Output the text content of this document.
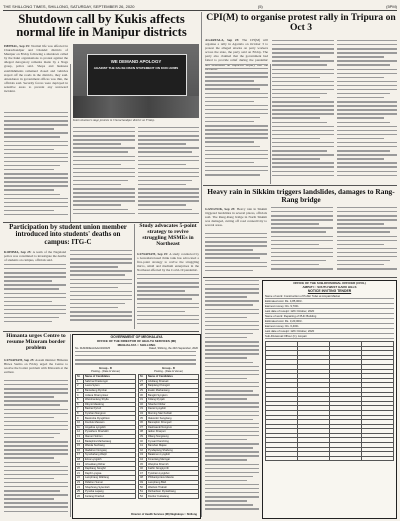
THE SHILLONG TIMES, SHILLONG, SATURDAY, SEPTEMBER 26, 2020	(5)	(5PM)
Shutdown call by Kukis affects normal life in Manipur districts
IMPHAL, Sep 25: Normal life was affected in Churachandpur and Chandel districts of Manipur on Friday following a shutdown called by the Kuki organisations to protest against the alleged derogatory remarks made by a Naga group, police said. Shops and business establishments remained closed and vehicles stayed off the roads in the districts, they said. Attendance in government offices was thin, the officials said. Security forces were deployed in sensitive areas to prevent any untoward incident.
WE DEMAND APOLOGY
AGAINST THE FALSE NSCN STATEMENT ON KUKI ARMS
Kuki volunteers stage protests in Churachandpur district on Friday.
CPI(M) to organise protest rally in Tripura on Oct 3
AGARTALA, Sep 25: The CPI(M) will organise a rally in Agartala on October 3 to protest the alleged attacks on party workers across the state, the party said on Friday. The party also claimed that the government had failed to provide relief during the pandemic
Participation by student union member introduced into students' deaths on campus: ITG-C
KOHIMA, Sep 25: A team of the Nagaland police was constituted to investigate the deaths of students on campus, officials said.
Study advocates 5-point strategy to revive struggling MSMEs in Northeast
GUWAHATI, Sep 25: A study conducted by a Guwahati-based think tank has advocated a five-point strategy to revive the struggling micro, small and medium enterprises in the Northeast affected by the Covid-19 pandemic.
Himanta urges Centre to resume Mizoram border problem
GUWAHATI, Sep 25: Assam minister Himanta Biswa Sarma on Friday urged the Centre to resolve the border problem with Mizoram at the earliest.
GOVERNMENT OF MEGHALAYA
OFFICE OF THE DIRECTOR OF HEALTH SERVICES (MI)
MEGHALAYA :: SHILLONG
No. DHS/MI/Estt/Advt/2020/25	Dated, Shillong, the 24th September, 2020
Group - D
Posting - (Date & Venue)
Sl.	Name of Candidates
1	Sabrina Kharkongor
2	Laura Syiem
3	Banteilang Rymbai
4	Juliana Kharsyntiew
5	Wanshanlang Shylla
6	Rikynti Mawlong
7	Bashai Pyrtuh
8	Kyrshan Nongrum
9	Bewinsha Ryngkhlem
10	Donbok Marwein
11	Angelina Lyngdoh
12	Pynskhem Kharlukhi
13	Ibameri Sohtun
14	Badaphira Marbaniang
15	Wanda Suchiang
16	Ibadahun Nongsiej
17	Synsharlang Warjri
18	Erica Lyngdoh
19	Iohsuklang Dkhar
20	Dapbiang Nongbri
21	Daphi Lyngwa
22	Lamphrang Wahlang
23	Ridahun Sumer
24	Shaphrang Syiemlieh
25	Pynshai Lapang
26	Kerlang Kharbuli
Group - D
Posting - (Date & Venue)
Sl.	Name of Candidates
27	Arkitlang Kharsati
28	Batiplang Khongsit
29	Evalin Marbaniang
30	Bangkit Syngkon
31	Kitlang Rynjah
32	Shanbor Dkhar
33	Daniel Lyngdoh
34	Morning Star Kurbah
35	Ibakordor Sangriang
36	Banrapbor Khongwir
37	Dashwanki Nongrum
38	Iaidon Kharpuri
39	Rilang Nongsteng
40	Kynsai Kharshiing
41	Banshan Majaw
42	Pyndaplang Shabong
43	Baiakmen Lyngdoh
44	Kmenlang Marngar
45	Wanphai Kharmih
46	Fairlin Nongkynrih
47	Tynshain Lyngkhoi
48	Phibankyntiew Mawrie
49	Lamphang Blah
50	Wanbok Thabah
51	Richardson Ryntathiang
52	Donbor Kurkalang
Director of Health Services (MI) Meghalaya :: Shillong
Heavy rain in Sikkim triggers landslides, damages to Rang-Rang bridge
GANGTOK, Sep 25: Heavy rain in Sikkim triggered landslides in several places, officials said. The Rang-Rang bridge in North Sikkim was damaged, cutting off road connectivity to several areas.
OFFICE OF THE SUB-DIVISIONAL OFFICER (CIVIL)
AMPATI :: SOUTH WEST GARO HILLS
NOTICE INVITING TENDER
Name of work: Construction of Public Toilet at Ampati Market
Estimated cost: Rs. 4,85,000/-
Earnest money: Rs. 9,700/-
Last date of receipt: 12th October, 2020
Name of work: Repairing of PHC Building
Estimated cost: Rs. 3,20,000/-
Earnest money: Rs. 6,400/-
Last date of receipt: 12th October, 2020
Sub-Divisional Officer (C), Ampati
